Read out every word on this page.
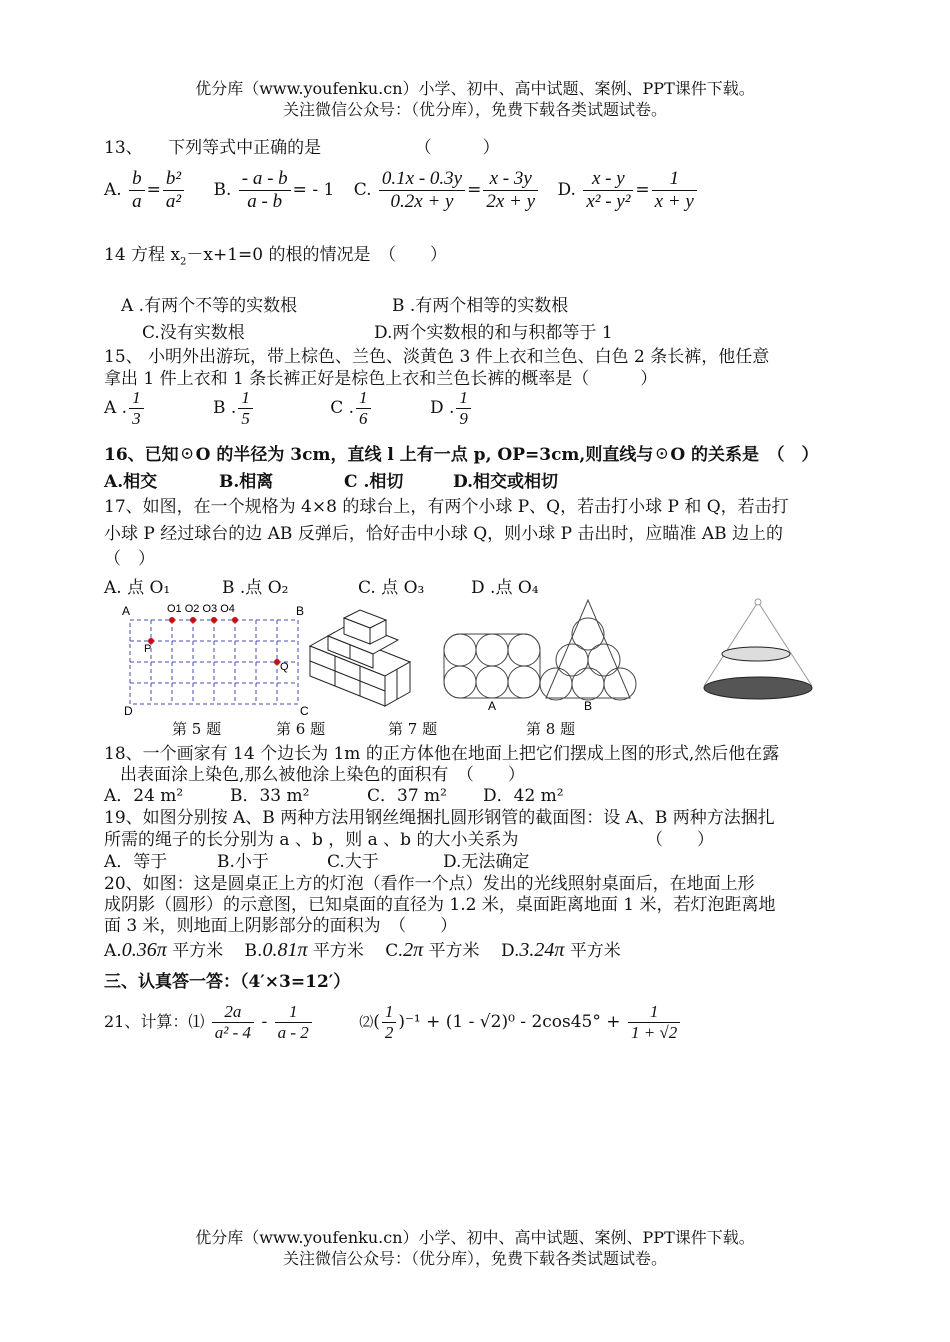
优分库（www.youfenku.cn）小学、初中、高中试题、案例、PPT课件下载。
关注微信公众号：（优分库），免费下载各类试题试卷。
13、　　下列等式中正确的是　　　　　　（　　　）
A. $\frac{b}{a} = \frac{\text{b²}}{\text{a²}} B$. $\frac{- a - b}{a - b}$ = - 1 C. $\frac{0.1x - 0.3y}{0.2x + y} = \frac{x - 3y}{2x + y} D$. $\frac{x - y}{\text{x² - y²}} = \frac{1}{x + y}$
14 方程 $x_2-x+1=0$ 的根的情况是　（　　）
A .有两个不等的实数根	B .有两个相等的实数根
C.没有实数根	D.两个实数根的和与积都等于 1
15、 小明外出游玩，带上棕色、兰色、淡黄色 3 件上衣和兰色、白色 2 条长裤，他任意
拿出 1 件上衣和 1 条长裤正好是棕色上衣和兰色长裤的概率是（　　　）
A . $\frac{1}{3}$	B . $\frac{1}{5}$	C . $\frac{1}{6}$	D . $\frac{1}{9}$
16、已知☉O 的半径为 3cm，直线 l 上有一点 p, OP=3cm,则直线与☉O 的关系是　（　）
A.相交	B.相离	C .相切	D.相交或相切
17、如图，在一个规格为 4×8 的球台上，有两个小球 P、Q，若击打小球 P 和 Q，若击打
小球 P 经过球台的边 AB 反弹后，恰好击中小球 Q，则小球 P 击出时，应瞄准 AB 边上的
（　）
A. 点 O₁	B .点 O₂	C. 点 O₃	D .点 O₄
A	B
D	C
O1 O2 O3 O4
P
Q
A	B
第 5 题	第 6 题	第 7 题	第 8 题
18、一个画家有 14 个边长为 1m 的正方体他在地面上把它们摆成上图的形式,然后他在露
出表面涂上染色,那么被他涂上染色的面积有　（　　）
A．24 m²	B．33 m²	C．37 m² D．42 m²
19、如图分别按 A、B 两种方法用钢丝绳捆扎圆形钢管的截面图：设 A、B 两种方法捆扎
所需的绳子的长分别为 a 、b ，则 a 、b 的大小关系为　　　　　　　　（　　）
A．等于	B.小于	C.大于	D.无法确定
20、如图：这是圆桌正上方的灯泡（看作一个点）发出的光线照射桌面后，在地面上形
成阴影（圆形）的示意图，已知桌面的直径为 1.2 米，桌面距离地面 1 米，若灯泡距离地
面 3 米，则地面上阴影部分的面积为　（　　）
A.0.36π 平方米 B.0.81π 平方米 C.2π 平方米 D.3.24π 平方米
三、认真答一答：（4′×3=12′）
21、计算：⑴ $\frac{2a}{\text{a² - 4}} - \frac{1}{a - 2}$	⑵( $\frac{1}{2} )^{-1} + (1 - √2)^0 - 2\cos 45^\circ + \frac{1}{1 + √2}$
优分库（www.youfenku.cn）小学、初中、高中试题、案例、PPT课件下载。
关注微信公众号：（优分库），免费下载各类试题试卷。
